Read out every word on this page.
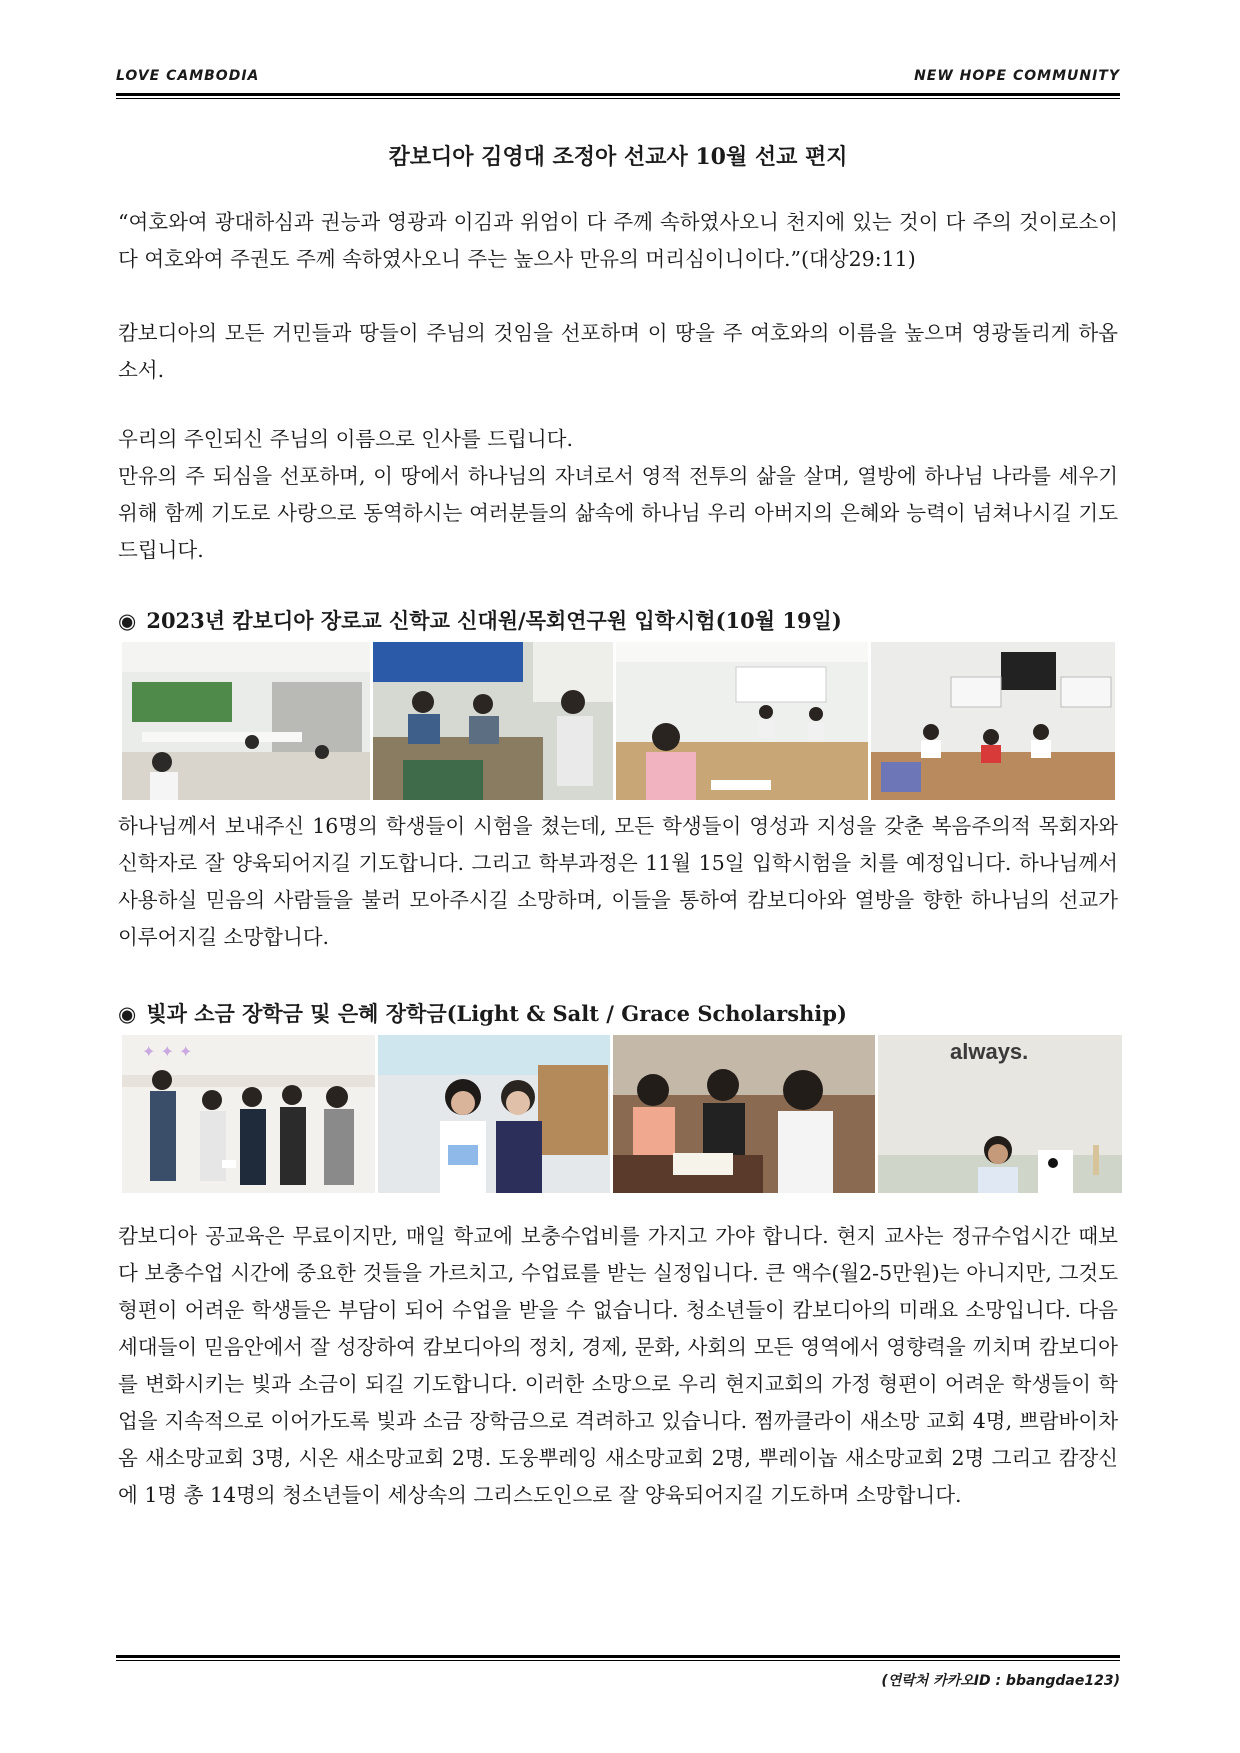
LOVE CAMBODIA	NEW HOPE COMMUNITY
캄보디아 김영대 조정아 선교사 10월 선교 편지

“여호와여 광대하심과 권능과 영광과 이김과 위엄이 다 주께 속하였사오니 천지에 있는 것이 다 주의 것이로소이다 여호와여 주권도 주께 속하였사오니 주는 높으사 만유의 머리심이니이다.”(대상29:11)

캄보디아의 모든 거민들과 땅들이 주님의 것임을 선포하며 이 땅을 주 여호와의 이름을 높으며 영광돌리게 하옵소서.

우리의 주인되신 주님의 이름으로 인사를 드립니다.

만유의 주 되심을 선포하며, 이 땅에서 하나님의 자녀로서 영적 전투의 삶을 살며, 열방에 하나님 나라를 세우기 위해 함께 기도로 사랑으로 동역하시는 여러분들의 삶속에 하나님 우리 아버지의 은혜와 능력이 넘쳐나시길 기도드립니다.

◉ 2023년 캄보디아 장로교 신학교 신대원/목회연구원 입학시험(10월 19일)

하나님께서 보내주신 16명의 학생들이 시험을 쳤는데, 모든 학생들이 영성과 지성을 갖춘 복음주의적 목회자와 신학자로 잘 양육되어지길 기도합니다. 그리고 학부과정은 11월 15일 입학시험을 치를 예정입니다. 하나님께서 사용하실 믿음의 사람들을 불러 모아주시길 소망하며, 이들을 통하여 캄보디아와 열방을 향한 하나님의 선교가 이루어지길 소망합니다.

◉ 빛과 소금 장학금 및 은혜 장학금(Light & Salt / Grace Scholarship)

✦ ✦ ✦	always.

캄보디아 공교육은 무료이지만, 매일 학교에 보충수업비를 가지고 가야 합니다. 현지 교사는 정규수업시간 때보다 보충수업 시간에 중요한 것들을 가르치고, 수업료를 받는 실정입니다. 큰 액수(월2-5만원)는 아니지만, 그것도 형편이 어려운 학생들은 부담이 되어 수업을 받을 수 없습니다. 청소년들이 캄보디아의 미래요 소망입니다. 다음 세대들이 믿음안에서 잘 성장하여 캄보디아의 정치, 경제, 문화, 사회의 모든 영역에서 영향력을 끼치며 캄보디아를 변화시키는 빛과 소금이 되길 기도합니다. 이러한 소망으로 우리 현지교회의 가정 형편이 어려운 학생들이 학업을 지속적으로 이어가도록 빛과 소금 장학금으로 격려하고 있습니다. 쩜까클라이 새소망 교회 4명, 쁘람바이차옴 새소망교회 3명, 시온 새소망교회 2명. 도웅뿌레잉 새소망교회 2명, 뿌레이놉 새소망교회 2명 그리고 캄장신에 1명 총 14명의 청소년들이 세상속의 그리스도인으로 잘 양육되어지길 기도하며 소망합니다.

(연락처 카카오ID : bbangdae123)
